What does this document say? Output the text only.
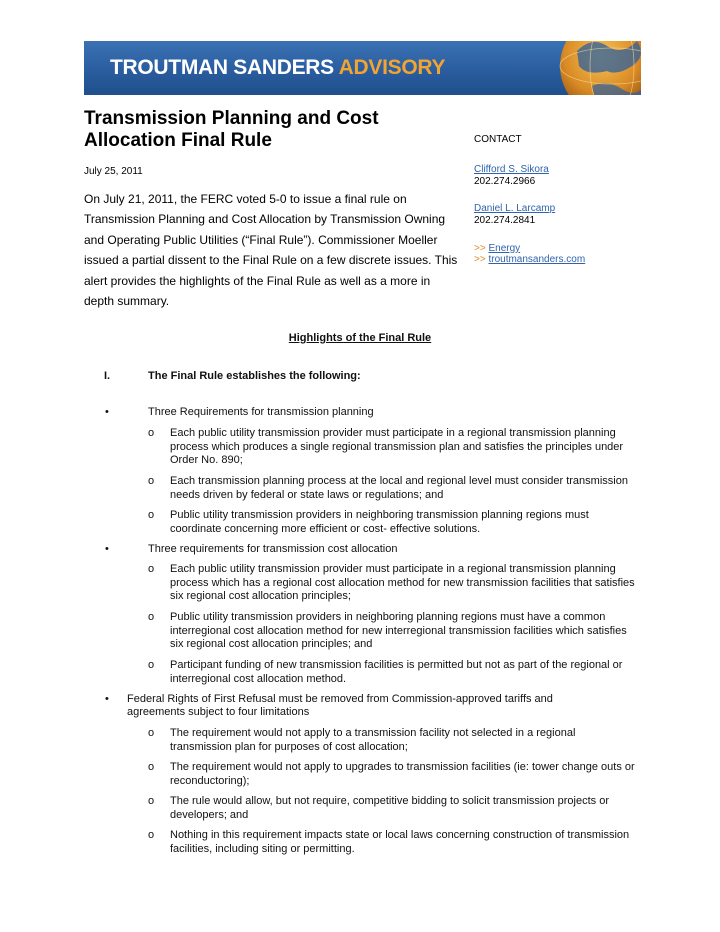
TROUTMAN SANDERS ADVISORY
Transmission Planning and Cost Allocation Final Rule
July 25, 2011

On July 21, 2011, the FERC voted 5-0 to issue a final rule on Transmission Planning and Cost Allocation by Transmission Owning and Operating Public Utilities (“Final Rule”). Commissioner Moeller issued a partial dissent to the Final Rule on a few discrete issues. This alert provides the highlights of the Final Rule as well as a more in depth summary.

CONTACT
Clifford S. Sikora
202.274.2966
Daniel L. Larcamp
202.274.2841
>> Energy
>> troutmansanders.com
Highlights of the Final Rule
I.	The Final Rule establishes the following:
•	Three Requirements for transmission planning
o Each public utility transmission provider must participate in a regional transmission planning process which produces a single regional transmission plan and satisfies the principles under Order No. 890;
o Each transmission planning process at the local and regional level must consider transmission needs driven by federal or state laws or regulations; and
o Public utility transmission providers in neighboring transmission planning regions must coordinate concerning more efficient or cost- effective solutions.
•	Three requirements for transmission cost allocation
o Each public utility transmission provider must participate in a regional transmission planning process which has a regional cost allocation method for new transmission facilities that satisfies six regional cost allocation principles;
o Public utility transmission providers in neighboring planning regions must have a common interregional cost allocation method for new interregional transmission facilities which satisfies six regional cost allocation principles; and
o Participant funding of new transmission facilities is permitted but not as part of the regional or interregional cost allocation method.
• Federal Rights of First Refusal must be removed from Commission-approved tariffs and agreements subject to four limitations
o The requirement would not apply to a transmission facility not selected in a regional transmission plan for purposes of cost allocation;
o The requirement would not apply to upgrades to transmission facilities (ie: tower change outs or reconductoring);
o The rule would allow, but not require, competitive bidding to solicit transmission projects or developers; and
o Nothing in this requirement impacts state or local laws concerning construction of transmission facilities, including siting or permitting.
